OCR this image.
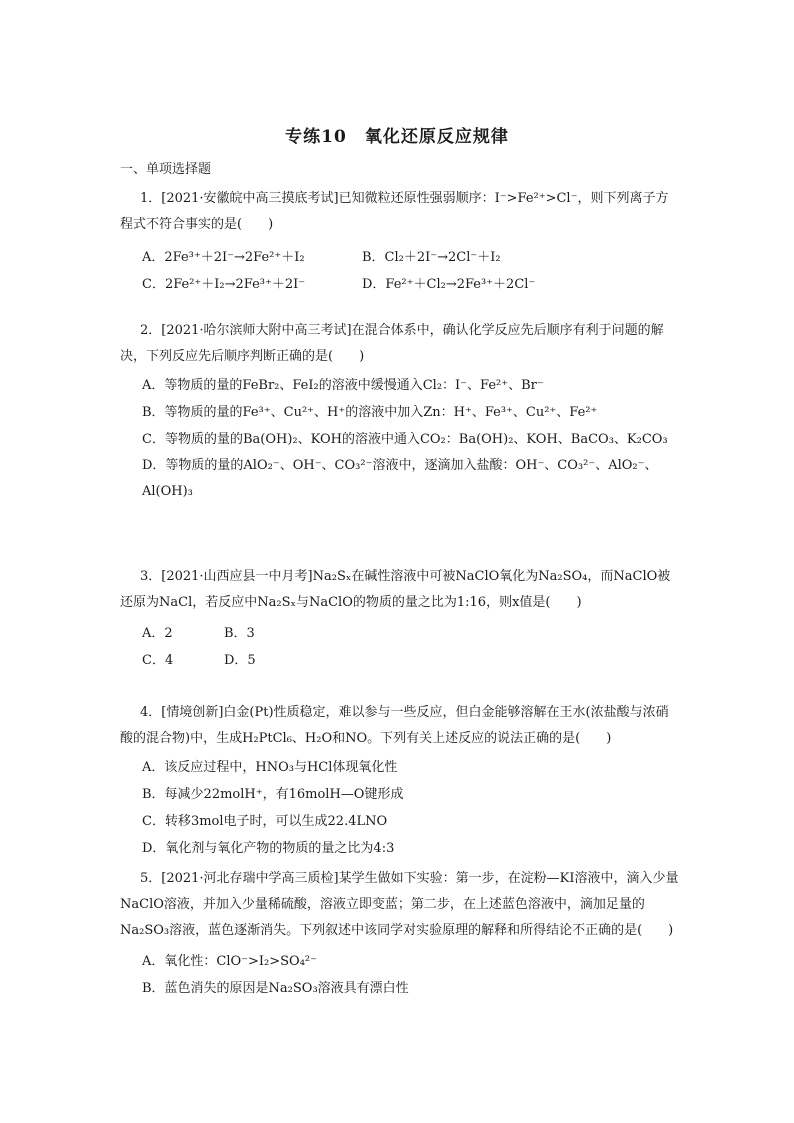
专练10　氧化还原反应规律
一、单项选择题
1．[2021·安徽皖中高三摸底考试]已知微粒还原性强弱顺序：I⁻>Fe²⁺>Cl⁻，则下列离子方程式不符合事实的是(　　)
A．2Fe³⁺＋2I⁻→2Fe²⁺＋I₂	B．Cl₂＋2I⁻→2Cl⁻＋I₂
C．2Fe²⁺＋I₂→2Fe³⁺＋2I⁻	D．Fe²⁺＋Cl₂→2Fe³⁺＋2Cl⁻
2．[2021·哈尔滨师大附中高三考试]在混合体系中，确认化学反应先后顺序有利于问题的解决，下列反应先后顺序判断正确的是(　　)
A．等物质的量的FeBr₂、FeI₂的溶液中缓慢通入Cl₂：I⁻、Fe²⁺、Br⁻
B．等物质的量的Fe³⁺、Cu²⁺、H⁺的溶液中加入Zn：H⁺、Fe³⁺、Cu²⁺、Fe²⁺
C．等物质的量的Ba(OH)₂、KOH的溶液中通入CO₂：Ba(OH)₂、KOH、BaCO₃、K₂CO₃
D．等物质的量的AlO₂⁻、OH⁻、CO₃²⁻溶液中，逐滴加入盐酸：OH⁻、CO₃²⁻、AlO₂⁻、Al(OH)₃
3．[2021·山西应县一中月考]Na₂Sₓ在碱性溶液中可被NaClO氧化为Na₂SO₄，而NaClO被还原为NaCl，若反应中Na₂Sₓ与NaClO的物质的量之比为1:16，则x值是(　　)
A．2	B．3
C．4	D．5
4．[情境创新]白金(Pt)性质稳定，难以参与一些反应，但白金能够溶解在王水(浓盐酸与浓硝酸的混合物)中，生成H₂PtCl₆、H₂O和NO。下列有关上述反应的说法正确的是(　　)
A．该反应过程中，HNO₃与HCl体现氧化性
B．每减少22molH⁺，有16molH—O键形成
C．转移3mol电子时，可以生成22.4LNO
D．氧化剂与氧化产物的物质的量之比为4:3
5．[2021·河北存瑞中学高三质检]某学生做如下实验：第一步，在淀粉—KI溶液中，滴入少量NaClO溶液，并加入少量稀硫酸，溶液立即变蓝；第二步，在上述蓝色溶液中，滴加足量的Na₂SO₃溶液，蓝色逐渐消失。下列叙述中该同学对实验原理的解释和所得结论不正确的是(　　)
A．氧化性：ClO⁻>I₂>SO₄²⁻
B．蓝色消失的原因是Na₂SO₃溶液具有漂白性
